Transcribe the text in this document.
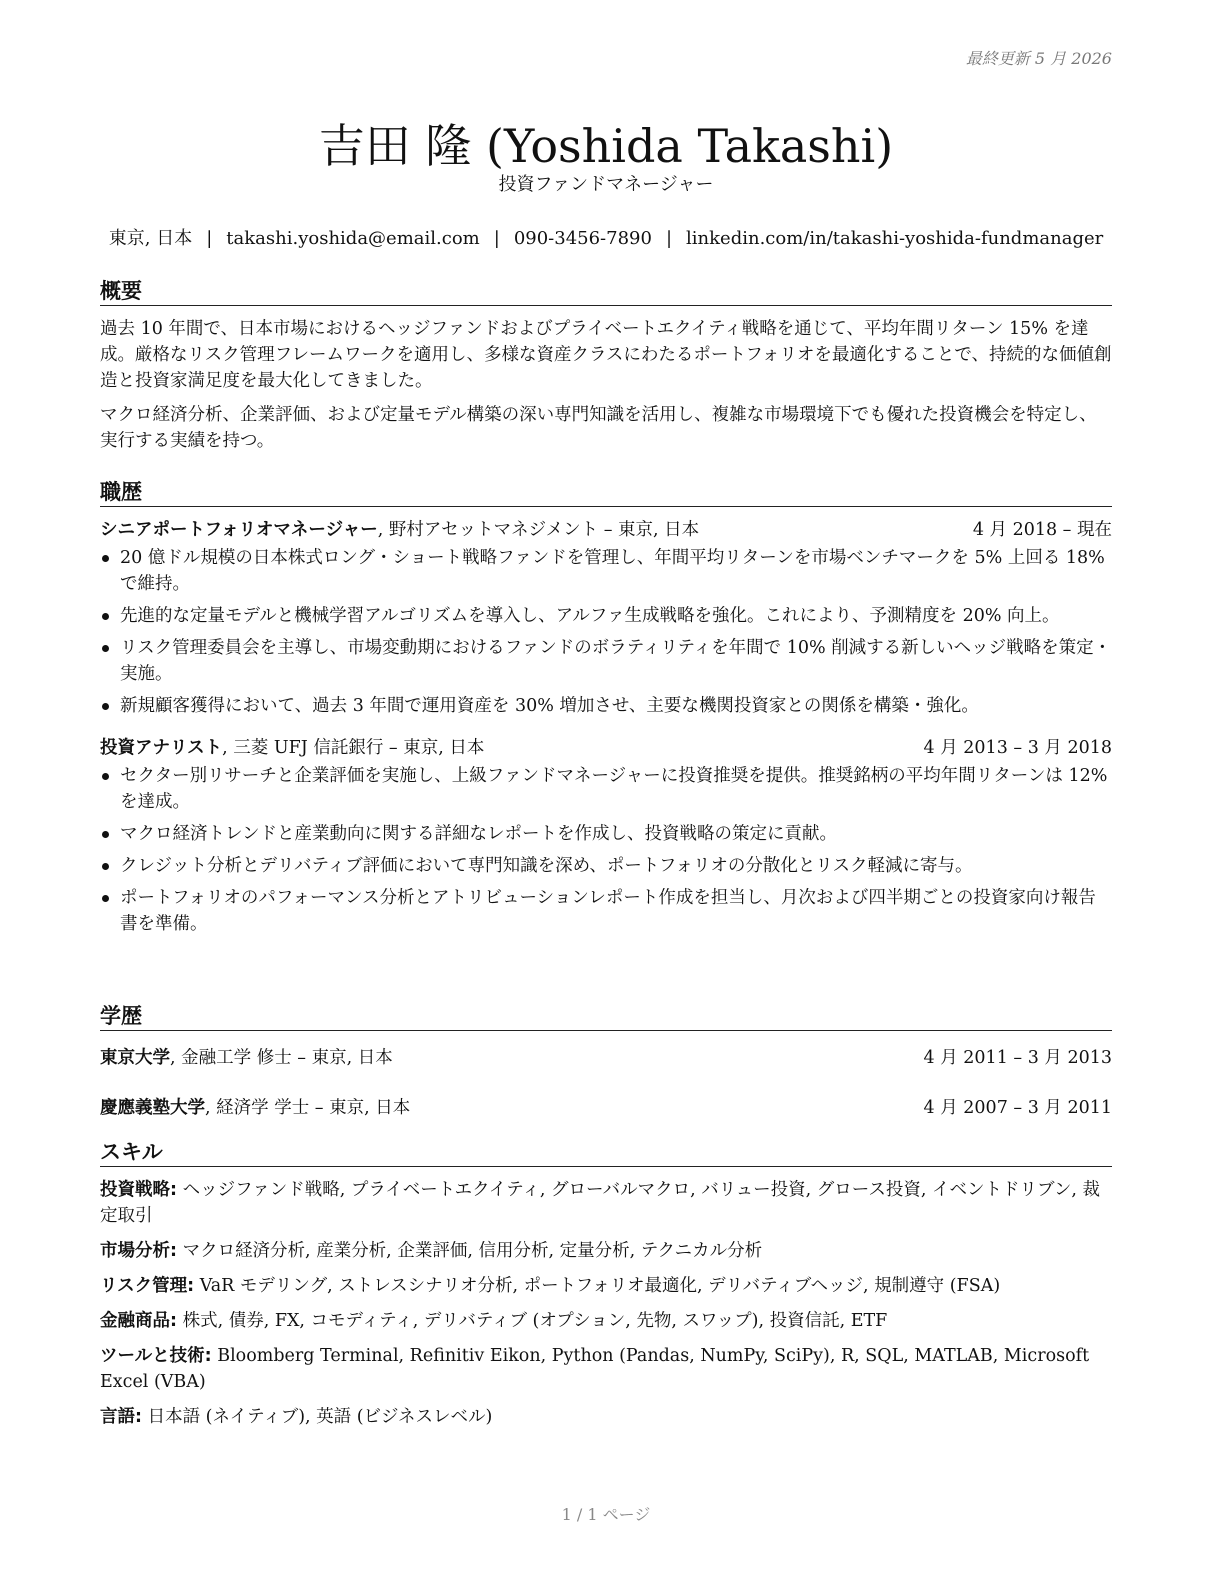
最終更新 5 月 2026
吉田 隆 (Yoshida Takashi)
投資ファンドマネージャー
東京, 日本 | takashi.yoshida@email.com | 090-3456-7890 | linkedin.com/in/takashi-yoshida-fundmanager
概要

過去 10 年間で、日本市場におけるヘッジファンドおよびプライベートエクイティ戦略を通じて、平均年間リターン 15% を達成。厳格なリスク管理フレームワークを適用し、多様な資産クラスにわたるポートフォリオを最適化することで、持続的な価値創造と投資家満足度を最大化してきました。

マクロ経済分析、企業評価、および定量モデル構築の深い専門知識を活用し、複雑な市場環境下でも優れた投資機会を特定し、実行する実績を持つ。

職歴
シニアポートフォリオマネージャー, 野村アセットマネジメント – 東京, 日本	4 月 2018 – 現在
20 億ドル規模の日本株式ロング・ショート戦略ファンドを管理し、年間平均リターンを市場ベンチマークを 5% 上回る 18% で維持。
先進的な定量モデルと機械学習アルゴリズムを導入し、アルファ生成戦略を強化。これにより、予測精度を 20% 向上。
リスク管理委員会を主導し、市場変動期におけるファンドのボラティリティを年間で 10% 削減する新しいヘッジ戦略を策定・実施。
新規顧客獲得において、過去 3 年間で運用資産を 30% 増加させ、主要な機関投資家との関係を構築・強化。
投資アナリスト, 三菱 UFJ 信託銀行 – 東京, 日本	4 月 2013 – 3 月 2018
セクター別リサーチと企業評価を実施し、上級ファンドマネージャーに投資推奨を提供。推奨銘柄の平均年間リターンは 12% を達成。
マクロ経済トレンドと産業動向に関する詳細なレポートを作成し、投資戦略の策定に貢献。
クレジット分析とデリバティブ評価において専門知識を深め、ポートフォリオの分散化とリスク軽減に寄与。
ポートフォリオのパフォーマンス分析とアトリビューションレポート作成を担当し、月次および四半期ごとの投資家向け報告書を準備。
学歴
東京大学, 金融工学 修士 – 東京, 日本	4 月 2011 – 3 月 2013
慶應義塾大学, 経済学 学士 – 東京, 日本	4 月 2007 – 3 月 2011
スキル
投資戦略: ヘッジファンド戦略, プライベートエクイティ, グローバルマクロ, バリュー投資, グロース投資, イベントドリブン, 裁定取引
市場分析: マクロ経済分析, 産業分析, 企業評価, 信用分析, 定量分析, テクニカル分析
リスク管理: VaR モデリング, ストレスシナリオ分析, ポートフォリオ最適化, デリバティブヘッジ, 規制遵守 (FSA)
金融商品: 株式, 債券, FX, コモディティ, デリバティブ (オプション, 先物, スワップ), 投資信託, ETF
ツールと技術: Bloomberg Terminal, Refinitiv Eikon, Python (Pandas, NumPy, SciPy), R, SQL, MATLAB, Microsoft Excel (VBA)
言語: 日本語 (ネイティブ), 英語 (ビジネスレベル)
1 / 1 ページ
